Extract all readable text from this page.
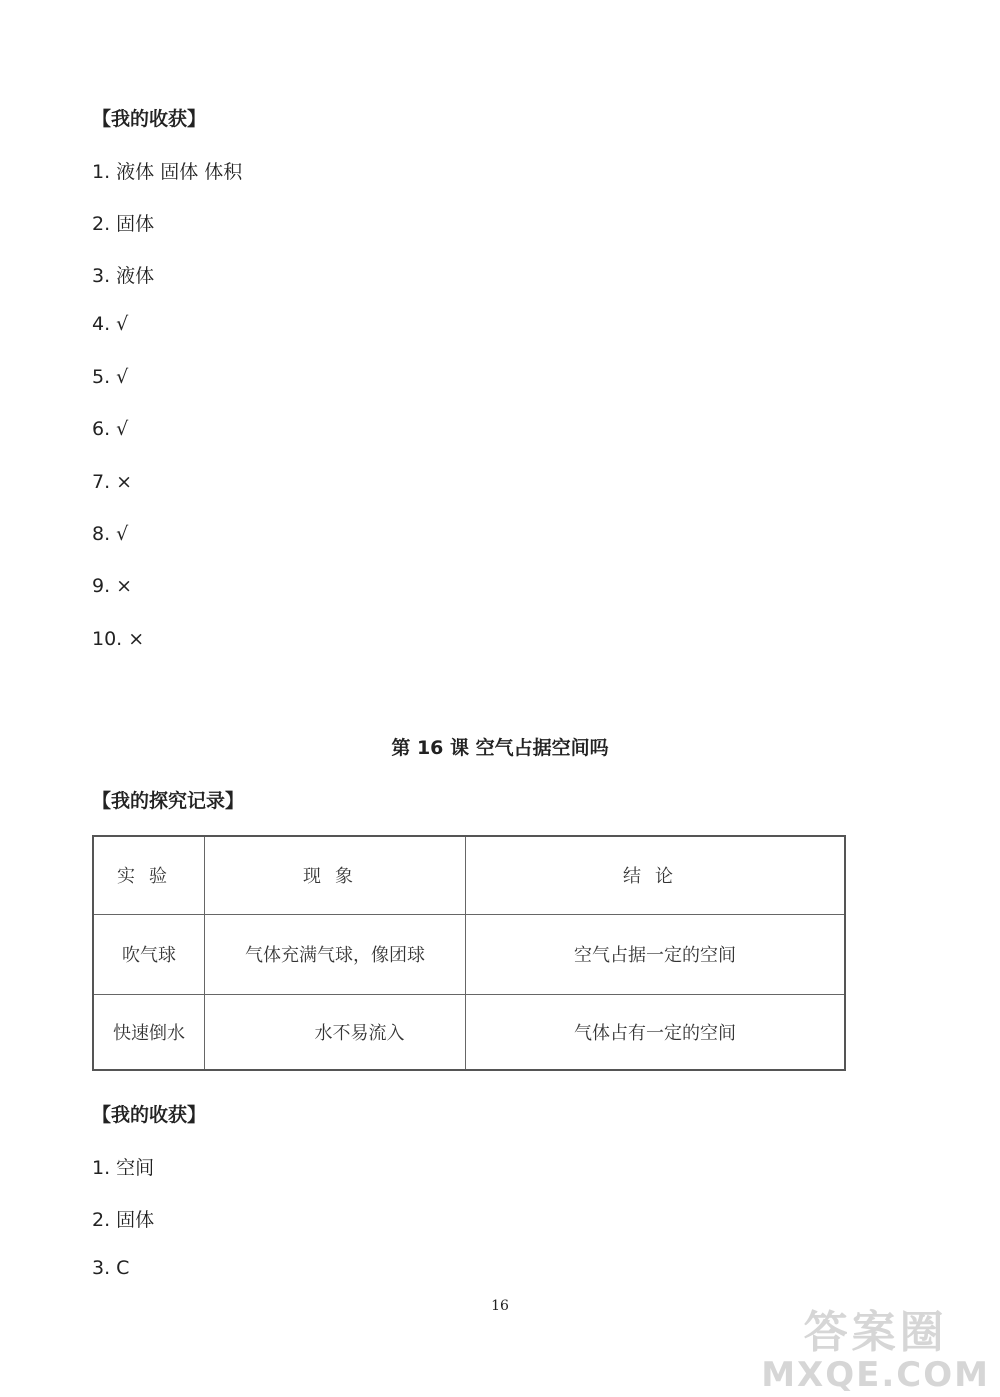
【我的收获】
1. 液体 固体 体积
2. 固体
3. 液体
4. √
5. √
6. √
7. ×
8. √
9. ×
10. ×
第 16 课 空气占据空间吗
【我的探究记录】
实验	现象	结论
吹气球	气体充满气球，像团球	空气占据一定的空间
快速倒水	水不易流入	气体占有一定的空间
【我的收获】
1. 空间
2. 固体
3. C
16
答案圈
MXQE.COM
